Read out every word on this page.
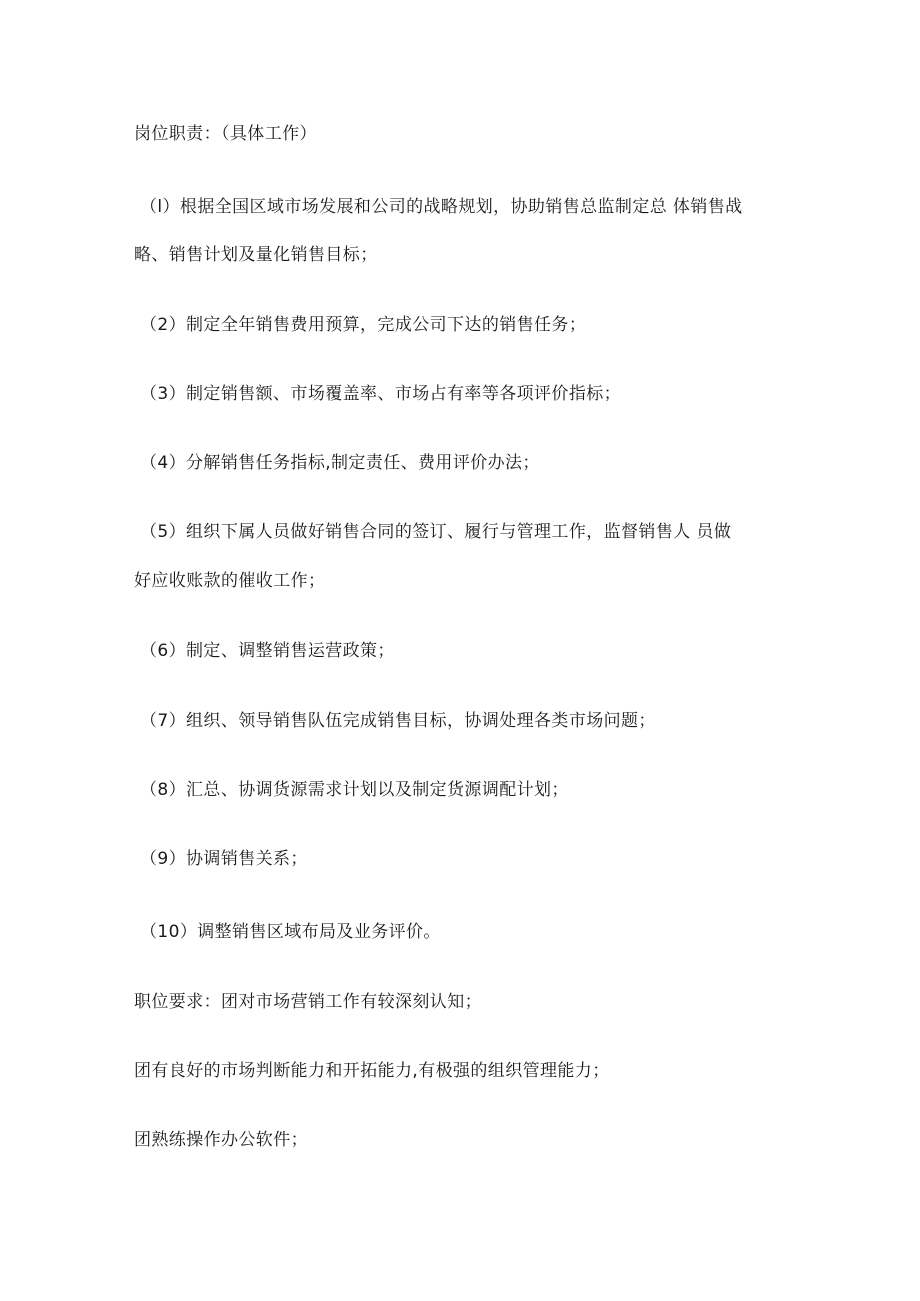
岗位职责：（具体工作）
（l）根据全国区域市场发展和公司的战略规划，协助销售总监制定总 体销售战
略、销售计划及量化销售目标；
（2）制定全年销售费用预算，完成公司下达的销售任务；
（3）制定销售额、市场覆盖率、市场占有率等各项评价指标；
（4）分解销售任务指标,制定责任、费用评价办法；
（5）组织下属人员做好销售合同的签订、履行与管理工作，监督销售人 员做
好应收账款的催收工作；
（6）制定、调整销售运营政策；
（7）组织、领导销售队伍完成销售目标，协调处理各类市场问题；
（8）汇总、协调货源需求计划以及制定货源调配计划；
（9）协调销售关系；
（10）调整销售区域布局及业务评价。
职位要求：团对市场营销工作有较深刻认知；
团有良好的市场判断能力和开拓能力,有极强的组织管理能力；
团熟练操作办公软件；
